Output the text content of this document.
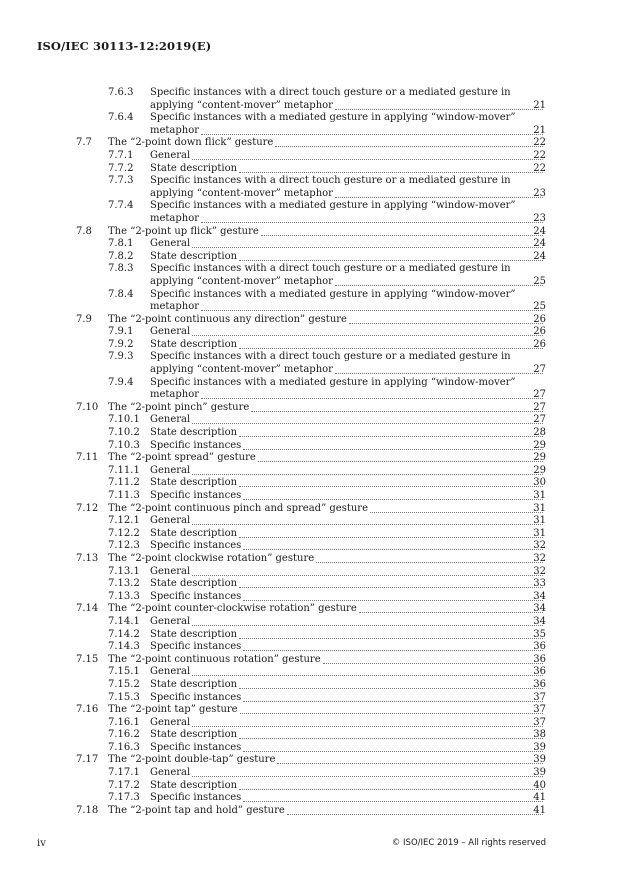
ISO/IEC 30113-12:2019(E)
7.6.3 Specific instances with a direct touch gesture or a mediated gesture in
applying “content-mover” metaphor	21
7.6.4 Specific instances with a mediated gesture in applying “window-mover”
metaphor	21
7.7 The “2-point down flick” gesture	22
7.7.1 General	22
7.7.2 State description	22
7.7.3 Specific instances with a direct touch gesture or a mediated gesture in
applying “content-mover” metaphor	23
7.7.4 Specific instances with a mediated gesture in applying “window-mover”
metaphor	23
7.8 The “2-point up flick” gesture	24
7.8.1 General	24
7.8.2 State description	24
7.8.3 Specific instances with a direct touch gesture or a mediated gesture in
applying “content-mover” metaphor	25
7.8.4 Specific instances with a mediated gesture in applying “window-mover”
metaphor	25
7.9 The “2-point continuous any direction” gesture	26
7.9.1 General	26
7.9.2 State description	26
7.9.3 Specific instances with a direct touch gesture or a mediated gesture in
applying “content-mover” metaphor	27
7.9.4 Specific instances with a mediated gesture in applying “window-mover”
metaphor	27
7.10 The “2-point pinch” gesture	27
7.10.1 General	27
7.10.2 State description	28
7.10.3 Specific instances	29
7.11 The “2-point spread” gesture	29
7.11.1 General	29
7.11.2 State description	30
7.11.3 Specific instances	31
7.12 The “2-point continuous pinch and spread” gesture	31
7.12.1 General	31
7.12.2 State description	31
7.12.3 Specific instances	32
7.13 The “2-point clockwise rotation” gesture	32
7.13.1 General	32
7.13.2 State description	33
7.13.3 Specific instances	34
7.14 The “2-point counter-clockwise rotation” gesture	34
7.14.1 General	34
7.14.2 State description	35
7.14.3 Specific instances	36
7.15 The “2-point continuous rotation” gesture	36
7.15.1 General	36
7.15.2 State description	36
7.15.3 Specific instances	37
7.16 The “2-point tap” gesture	37
7.16.1 General	37
7.16.2 State description	38
7.16.3 Specific instances	39
7.17 The “2-point double-tap” gesture	39
7.17.1 General	39
7.17.2 State description	40
7.17.3 Specific instances	41
7.18 The “2-point tap and hold” gesture	41
iv	© ISO/IEC 2019 – All rights reserved
